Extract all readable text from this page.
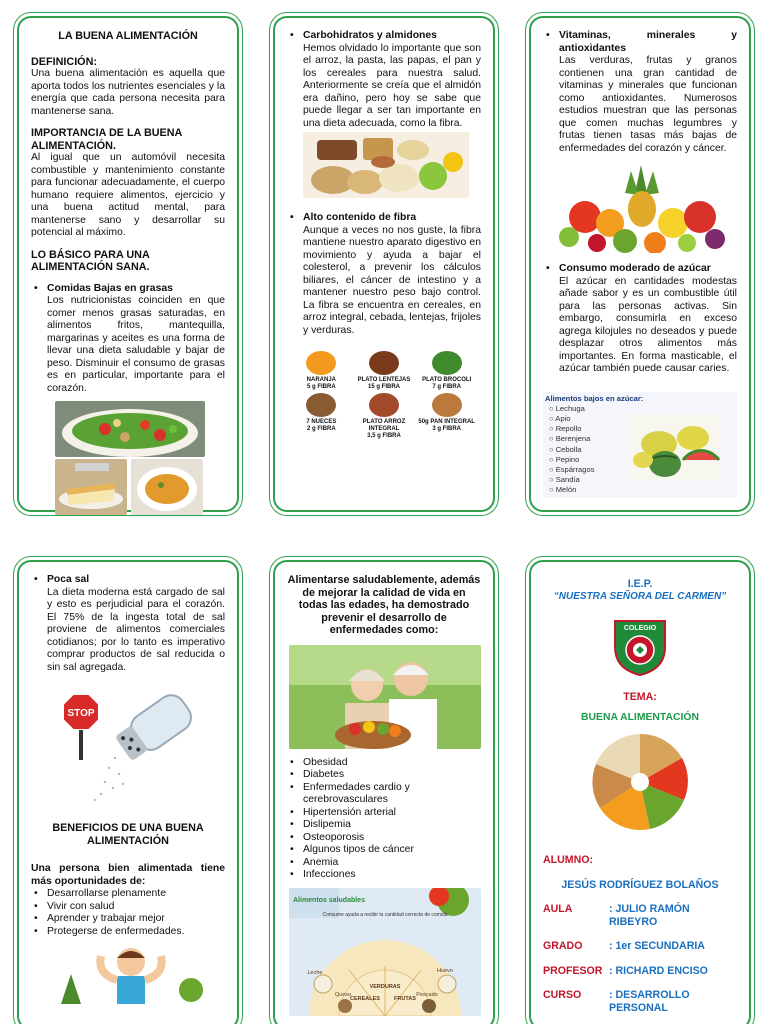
LA BUENA ALIMENTACIÓN
DEFINICIÓN:

Una buena alimentación es aquella que aporta todos los nutrientes esenciales y la energía que cada persona necesita para mantenerse sana.

IMPORTANCIA DE LA BUENA ALIMENTACIÓN.

Al igual que un automóvil necesita combustible y mantenimiento constante para funcionar adecuadamente, el cuerpo humano requiere alimentos, ejercicio y una buena actitud mental, para mantenerse sano y desarrollar su potencial al máximo.

LO BÁSICO PARA UNA ALIMENTACIÓN SANA.
• Comidas Bajas en grasas
Los nutricionistas coinciden en que comer menos grasas saturadas, en alimentos fritos, mantequilla, margarinas y aceites es una forma de llevar una dieta saludable y bajar de peso. Disminuir el consumo de grasas es en particular, importante para el corazón.
• Carbohidratos y almidones
Hemos olvidado lo importante que son el arroz, la pasta, las papas, el pan y los cereales para nuestra salud. Anteriormente se creía que el almidón era dañino, pero hoy se sabe que puede llegar a ser tan importante en una dieta adecuada, como la fibra.
• Alto contenido de fibra
Aunque a veces no nos guste, la fibra mantiene nuestro aparato digestivo en movimiento y ayuda a bajar el colesterol, a prevenir los cálculos biliares, el cáncer de intestino y a mantener nuestro peso bajo control. La fibra se encuentra en cereales, en arroz integral, cebada, lentejas, frijoles y verduras.
NARANJA
5 g FIBRA
PLATO LENTEJAS
15 g FIBRA
PLATO BROCOLI
7 g FIBRA
7 NUECES
2 g FIBRA
PLATO ARROZ INTEGRAL
3,5 g FIBRA
50g PAN INTEGRAL
3 g FIBRA
• Vitaminas, minerales y antioxidantes
Las verduras, frutas y granos contienen una gran cantidad de vitaminas y minerales que funcionan como antioxidantes. Numerosos estudios muestran que las personas que comen muchas legumbres y frutas tienen tasas más bajas de enfermedades del corazón y cáncer.
• Consumo moderado de azúcar
El azúcar en cantidades modestas añade sabor y es un combustible útil para las personas activas. Sin embargo, consumirla en exceso agrega kilojules no deseados y puede desplazar otros alimentos más importantes. En forma masticable, el azúcar también puede causar caries.
Alimentos bajos en azúcar:
○ Lechuga
○ Apio
○ Repollo
○ Berenjena
○ Cebolla
○ Pepino
○ Espárragos
○ Sandía
○ Melón
• Poca sal
La dieta moderna está cargado de sal y esto es perjudicial para el corazón. El 75% de la ingesta total de sal proviene de alimentos comerciales cotidianos; por lo tanto es imperativo comprar productos de sal reducida o sin sal agregada.
STOP
BENEFICIOS DE UNA BUENA ALIMENTACIÓN
Una persona bien alimentada tiene más oportunidades de:
• Desarrollarse plenamente
• Vivir con salud
• Aprender y trabajar mejor
• Protegerse de enfermedades.
Alimentarse saludablemente, además de mejorar la calidad de vida en todas las edades, ha demostrado prevenir el desarrollo de enfermedades como:
• Obesidad
• Diabetes
• Enfermedades cardio y cerebrovasculares
• Hipertensión arterial
• Dislipemia
• Osteoporosis
• Algunos tipos de cáncer
• Anemia
• Infecciones
Alimentos saludables
Leche	Huevo
Queso	Pescado
CEREALES
VERDURAS
FRUTAS
Consume ayuda a recibir la cantidad correcta de comida
I.E.P.
“NUESTRA SEÑORA DEL CARMEN”
COLEGIO
TEMA:
BUENA ALIMENTACIÓN
ALUMNO:
JESÚS RODRÍGUEZ BOLAÑOS
AULA	: JULIO RAMÓN RIBEYRO
GRADO	: 1er SECUNDARIA
PROFESOR : RICHARD ENCISO
CURSO	: DESARROLLO PERSONAL
